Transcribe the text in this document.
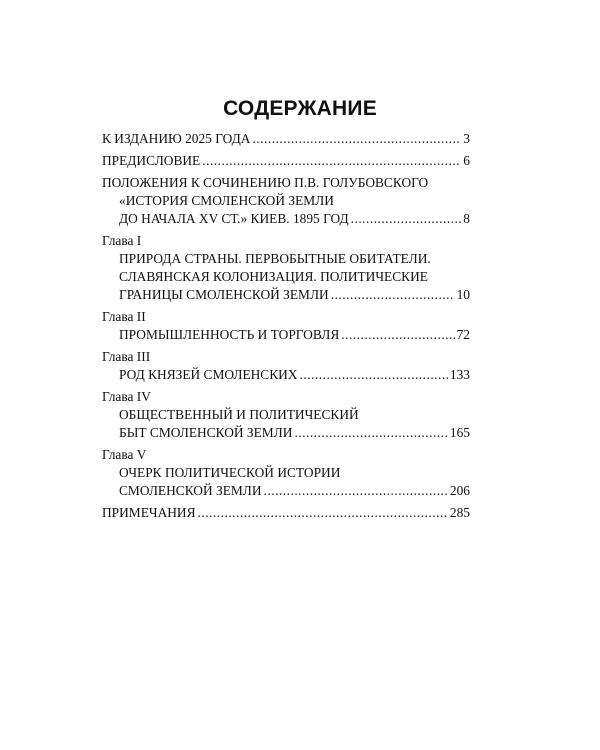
СОДЕРЖАНИЕ
К ИЗДАНИЮ 2025 ГОДА .....	3
ПРЕДИСЛОВИЕ .....	6
ПОЛОЖЕНИЯ К СОЧИНЕНИЮ П.В. ГОЛУБОВСКОГО
«ИСТОРИЯ СМОЛЕНСКОЙ ЗЕМЛИ
ДО НАЧАЛА XV СТ.» КИЕВ. 1895 ГОД .....	8
Глава I
ПРИРОДА СТРАНЫ. ПЕРВОБЫТНЫЕ ОБИТАТЕЛИ.
СЛАВЯНСКАЯ КОЛОНИЗАЦИЯ. ПОЛИТИЧЕСКИЕ
ГРАНИЦЫ СМОЛЕНСКОЙ ЗЕМЛИ .....	10
Глава II
ПРОМЫШЛЕННОСТЬ И ТОРГОВЛЯ .....	72
Глава III
РОД КНЯЗЕЙ СМОЛЕНСКИХ .....	133
Глава IV
ОБЩЕСТВЕННЫЙ И ПОЛИТИЧЕСКИЙ
БЫТ СМОЛЕНСКОЙ ЗЕМЛИ .....	165
Глава V
ОЧЕРК ПОЛИТИЧЕСКОЙ ИСТОРИИ
СМОЛЕНСКОЙ ЗЕМЛИ .....	206
ПРИМЕЧАНИЯ .....	285
